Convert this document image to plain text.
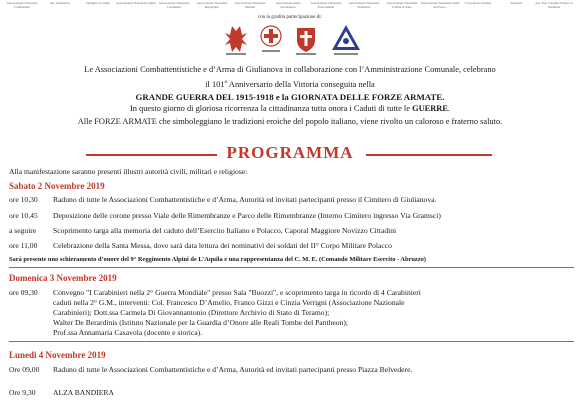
Associazione Nazionale Combattenti
Sez. Giulianova	Famiglie ai Caduti	Associazione Nazionale Alpini Associazione Nazionale Carabinieri
Associazione Nazionale Bersaglieri
Associazione Nazionale Marinai
Associazione Arma Aeronautica
Associazione Nazionale Paracadutisti
Associazione Nazionale Finanzieri
Associazione Nazionale Polizia di Stato
Associazione Nazionale Vigili del Fuoco
Croce Rossa Italiana	Volontari	Ass. Naz. Guardia d'Onore al Pantheon
con la gradita partecipazione di:

Le Associazioni Combattentistiche e d’Arma di Giulianova in collaborazione con l’Amministrazione Comunale, celebrano

il 101$^o$ Anniversario della Vittoria conseguita nella

GRANDE GUERRA DEL 1915-1918 e la GIORNATA DELLE FORZE ARMATE.

In questo giorno di gloriosa ricorrenza la cittadinanza tutta onora i Caduti di tutte le GUERRE.

Alle FORZE ARMATE che simboleggiano le tradizioni eroiche del popolo italiano, viene rivolto un caloroso e fraterno saluto.

PROGRAMMA
Alla manifestazione saranno presenti illustri autorità civili, militari e religiose:
Sabato 2 Novembre 2019
ore 10,30 Raduno di tutte le Associazioni Combattentistiche e d’Arma, Autorità ed invitati partecipanti presso il Cimitero di Giulianova.
ore 10,45 Deposizione delle corone presso Viale delle Rimembranze e Parco delle Rimembranze (Interno Cimitero ingresso Via Gramsci)
a seguire Scoprimento targa alla memoria del caduto dell’Esercito Italiano e Polacco, Caporal Maggiore Novizzo Cittadini
ore 11,00 Celebrazione della Santa Messa, dove sarà data lettura dei nominativi dei soldati del II° Corpo Militare Polacco
Sarà presente uno schieramento d’onore del 9° Reggimento Alpini de L’Aquila e una rappresentanza del C. M. E. (Comando Militare Esercito - Abruzzo)
Domenica 3 Novembre 2019
ore 09,30 Convegno "I Carabinieri nella 2° Guerra Mondiale" presso Sala "Buozzi", e scoprimento targa in ricordo di 4 Carabinieri
caduti nella 2° G.M., interventi: Col. Francesco D’Amelio, Franco Gizzi e Cinzia Verrigni (Associazione Nazionale
Carabinieri); Dott.ssa Carmela Di Giovannantonio (Direttore Archivio di Stato di Teramo);
Walter De Berardinis (Istituto Nazionale per la Guardia d’Onore alle Reali Tombe del Pantheon);
Prof.ssa Annamaria Casavola (docente e storica).
Lunedi 4 Novembre 2019
Ore 09,00 Raduno di tutte le Associazioni Combattentistiche e d’Arma, Autorità ed invitati partecipanti presso Piazza Belvedere.
Ore 9,30 ALZA BANDIERA
